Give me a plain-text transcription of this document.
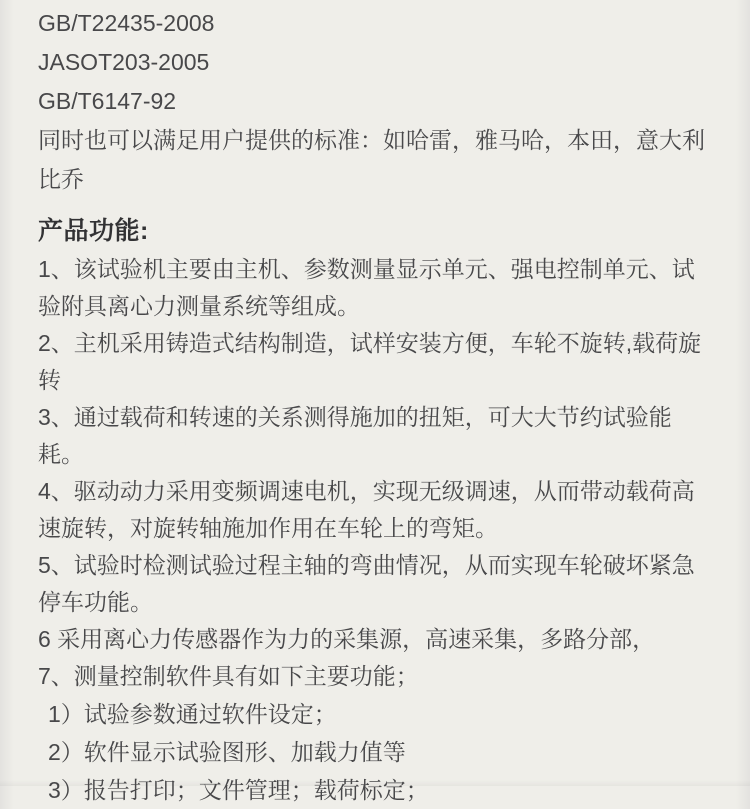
GB/T22435-2008

JASOT203-2005

GB/T6147-92

同时也可以满足用户提供的标准：如哈雷，雅马哈，本田，意大利比乔

产品功能:

1、该试验机主要由主机、参数测量显示单元、强电控制单元、试验附具离心力测量系统等组成。

2、主机采用铸造式结构制造，试样安装方便，车轮不旋转,载荷旋转

3、通过载荷和转速的关系测得施加的扭矩，可大大节约试验能耗。

4、驱动动力采用变频调速电机，实现无级调速，从而带动载荷高速旋转，对旋转轴施加作用在车轮上的弯矩。

5、试验时检测试验过程主轴的弯曲情况，从而实现车轮破坏紧急停车功能。

6 采用离心力传感器作为力的采集源，高速采集，多路分部，

7、测量控制软件具有如下主要功能；

1）试验参数通过软件设定；

2）软件显示试验图形、加载力值等

3）报告打印；文件管理；载荷标定；
